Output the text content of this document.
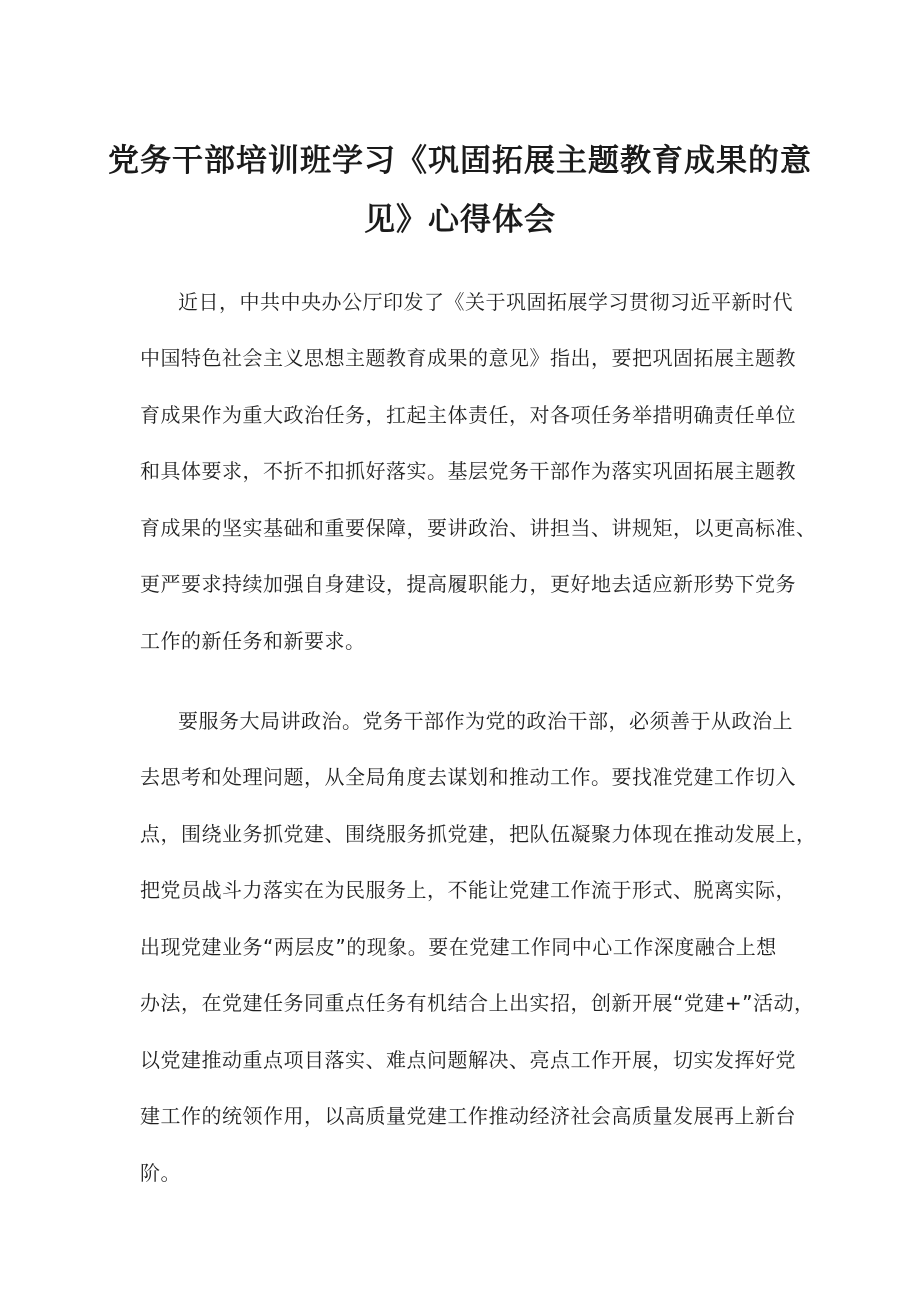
党务干部培训班学习《巩固拓展主题教育成果的意
见》心得体会

近日，中共中央办公厅印发了《关于巩固拓展学习贯彻习近平新时代

中国特色社会主义思想主题教育成果的意见》指出，要把巩固拓展主题教

育成果作为重大政治任务，扛起主体责任，对各项任务举措明确责任单位

和具体要求，不折不扣抓好落实。基层党务干部作为落实巩固拓展主题教

育成果的坚实基础和重要保障，要讲政治、讲担当、讲规矩，以更高标准、

更严要求持续加强自身建设，提高履职能力，更好地去适应新形势下党务

工作的新任务和新要求。

要服务大局讲政治。党务干部作为党的政治干部，必须善于从政治上

去思考和处理问题，从全局角度去谋划和推动工作。要找准党建工作切入

点，围绕业务抓党建、围绕服务抓党建，把队伍凝聚力体现在推动发展上，

把党员战斗力落实在为民服务上，不能让党建工作流于形式、脱离实际，

出现党建业务“两层皮”的现象。要在党建工作同中心工作深度融合上想

办法，在党建任务同重点任务有机结合上出实招，创新开展“党建+”活动，

以党建推动重点项目落实、难点问题解决、亮点工作开展，切实发挥好党

建工作的统领作用，以高质量党建工作推动经济社会高质量发展再上新台

阶。
